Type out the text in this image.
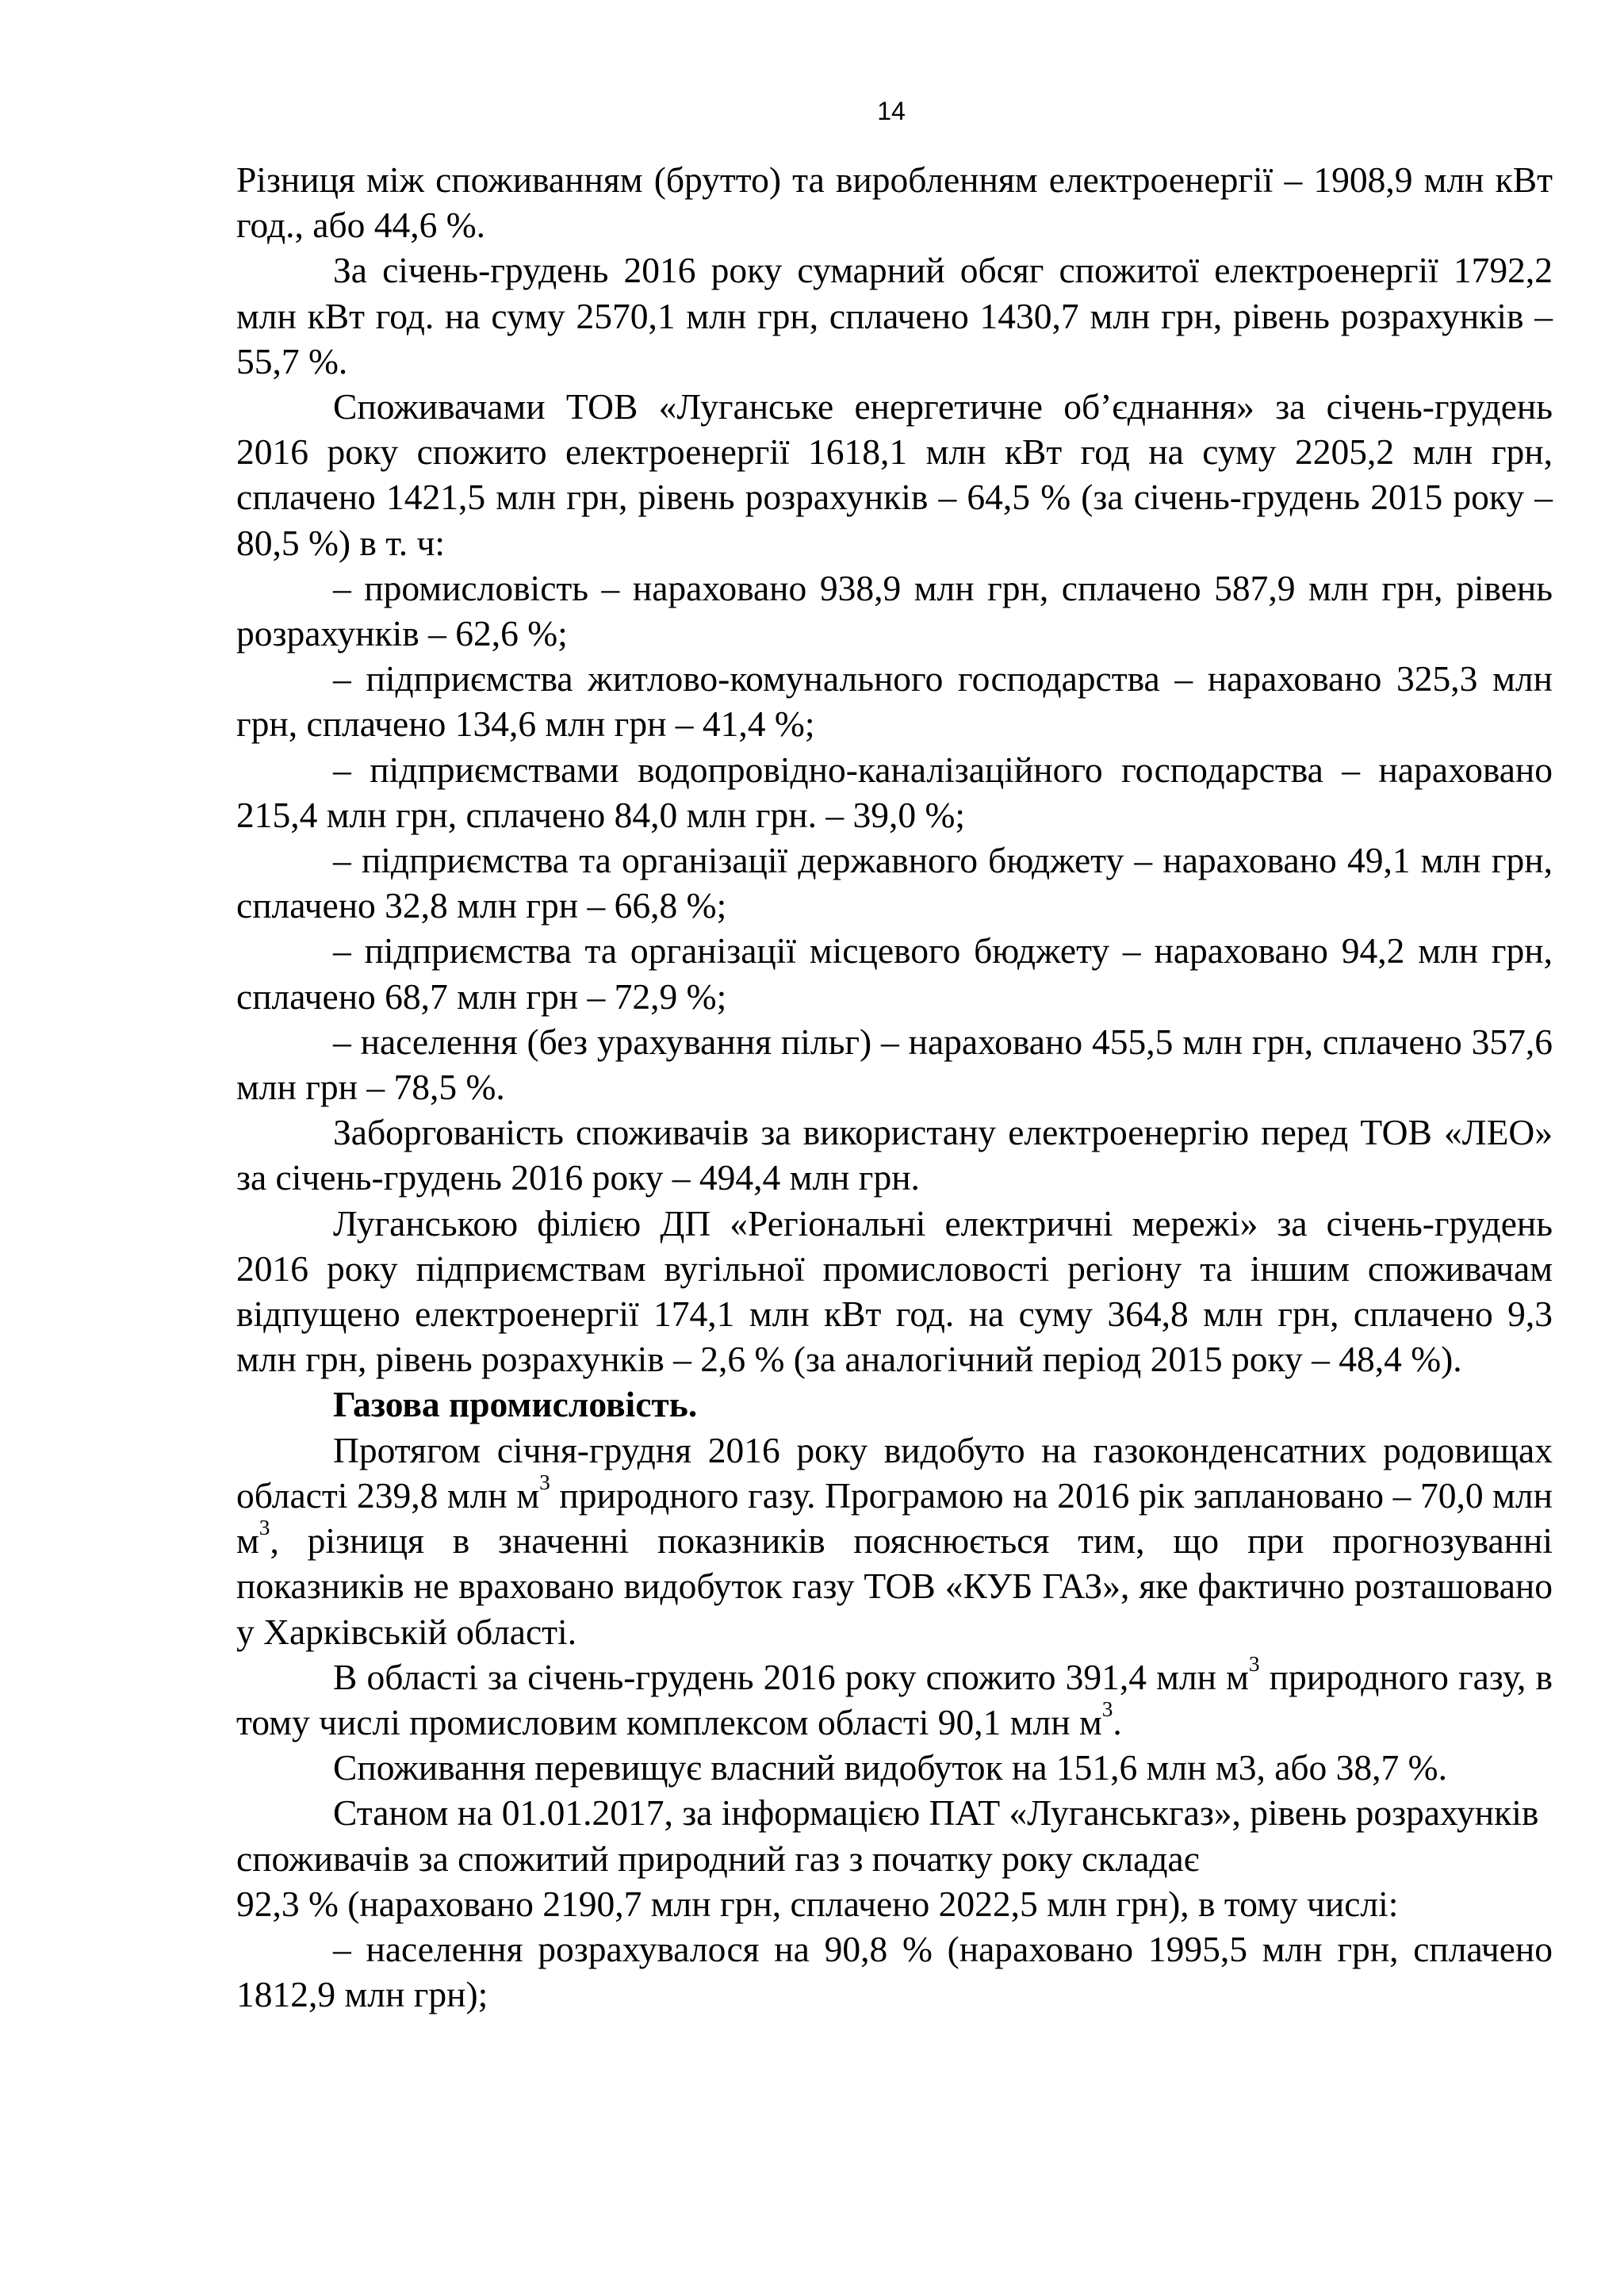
14

Різниця між споживанням (брутто) та виробленням електроенергії – 1908,9 млн кВт год., або 44,6 %.

За січень-грудень 2016 року сумарний обсяг спожитої електроенергії 1792,2 млн кВт год. на суму 2570,1 млн грн, сплачено 1430,7 млн грн, рівень розрахунків – 55,7 %.

Споживачами ТОВ «Луганське енергетичне об’єднання» за січень-грудень 2016 року спожито електроенергії 1618,1 млн кВт год на суму 2205,2 млн грн, сплачено 1421,5 млн грн, рівень розрахунків – 64,5 % (за січень-грудень 2015 року – 80,5 %) в т. ч:

– промисловість – нараховано 938,9 млн грн, сплачено 587,9 млн грн, рівень розрахунків – 62,6 %;

– підприємства житлово-комунального господарства – нараховано 325,3 млн грн, сплачено 134,6 млн грн – 41,4 %;

– підприємствами водопровідно-каналізаційного господарства – нараховано 215,4 млн грн, сплачено 84,0 млн грн. – 39,0 %;

– підприємства та організації державного бюджету – нараховано 49,1 млн грн, сплачено 32,8 млн грн – 66,8 %;

– підприємства та організації місцевого бюджету – нараховано 94,2 млн грн, сплачено 68,7 млн грн – 72,9 %;

– населення (без урахування пільг) – нараховано 455,5 млн грн, сплачено 357,6 млн грн – 78,5 %.

Заборгованість споживачів за використану електроенергію перед ТОВ «ЛЕО» за січень-грудень 2016 року – 494,4 млн грн.

Луганською філією ДП «Регіональні електричні мережі» за січень-грудень 2016 року підприємствам вугільної промисловості регіону та іншим споживачам відпущено електроенергії 174,1 млн кВт год. на суму 364,8 млн грн, сплачено 9,3 млн грн, рівень розрахунків – 2,6 % (за аналогічний період 2015 року – 48,4 %).

Газова промисловість.

Протягом січня-грудня 2016 року видобуто на газоконденсатних родовищах області 239,8 млн $м^3$ природного газу. Програмою на 2016 рік заплановано – 70,0 млн $м^3$, різниця в значенні показників пояснюється тим, що при прогнозуванні показників не враховано видобуток газу ТОВ «КУБ ГАЗ», яке фактично розташовано у Харківській області.

В області за січень-грудень 2016 року спожито 391,4 млн $м^3$ природного газу, в тому числі промисловим комплексом області 90,1 млн $м^3$.

Споживання перевищує власний видобуток на 151,6 млн м3, або 38,7 %.

Станом на 01.01.2017, за інформацією ПАТ «Луганськгаз», рівень розрахунків споживачів за спожитий природний газ з початку року складає

92,3 % (нараховано 2190,7 млн грн, сплачено 2022,5 млн грн), в тому числі:

– населення розрахувалося на 90,8 % (нараховано 1995,5 млн грн, сплачено 1812,9 млн грн);
